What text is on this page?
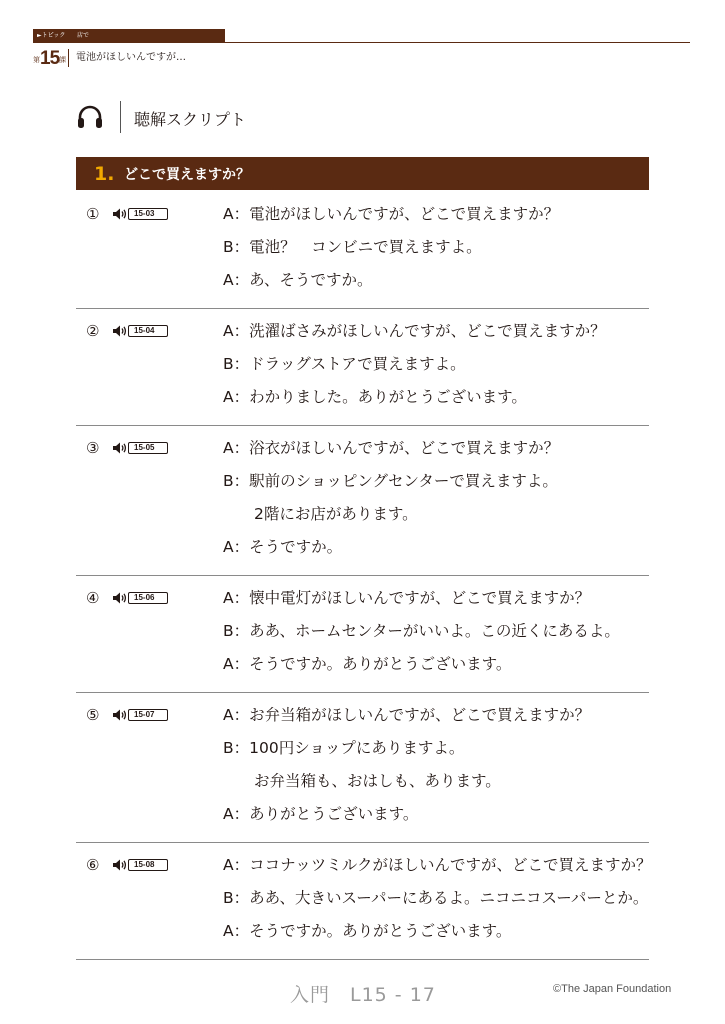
►トピック 店で
第 15 課 電池がほしいんですが…
聴解スクリプト
1. どこで買えますか？
①	15-03	A：電池がほしいんですが、どこで買えますか？
B：電池？　コンビニで買えますよ。
A：あ、そうですか。
②	15-04	A：洗濯ばさみがほしいんですが、どこで買えますか？
B：ドラッグストアで買えますよ。
A：わかりました。ありがとうございます。
③	15-05	A：浴衣がほしいんですが、どこで買えますか？
B：駅前のショッピングセンターで買えますよ。
2階にお店があります。
A：そうですか。
④	15-06	A：懐中電灯がほしいんですが、どこで買えますか？
B：ああ、ホームセンターがいいよ。この近くにあるよ。
A：そうですか。ありがとうございます。
⑤	15-07	A：お弁当箱がほしいんですが、どこで買えますか？
B：100円ショップにありますよ。
お弁当箱も、おはしも、あります。
A：ありがとうございます。
⑥	15-08	A：ココナッツミルクがほしいんですが、どこで買えますか？
B：ああ、大きいスーパーにあるよ。ニコニコスーパーとか。
A：そうですか。ありがとうございます。
入門　L15 - 17	©The Japan Foundation
